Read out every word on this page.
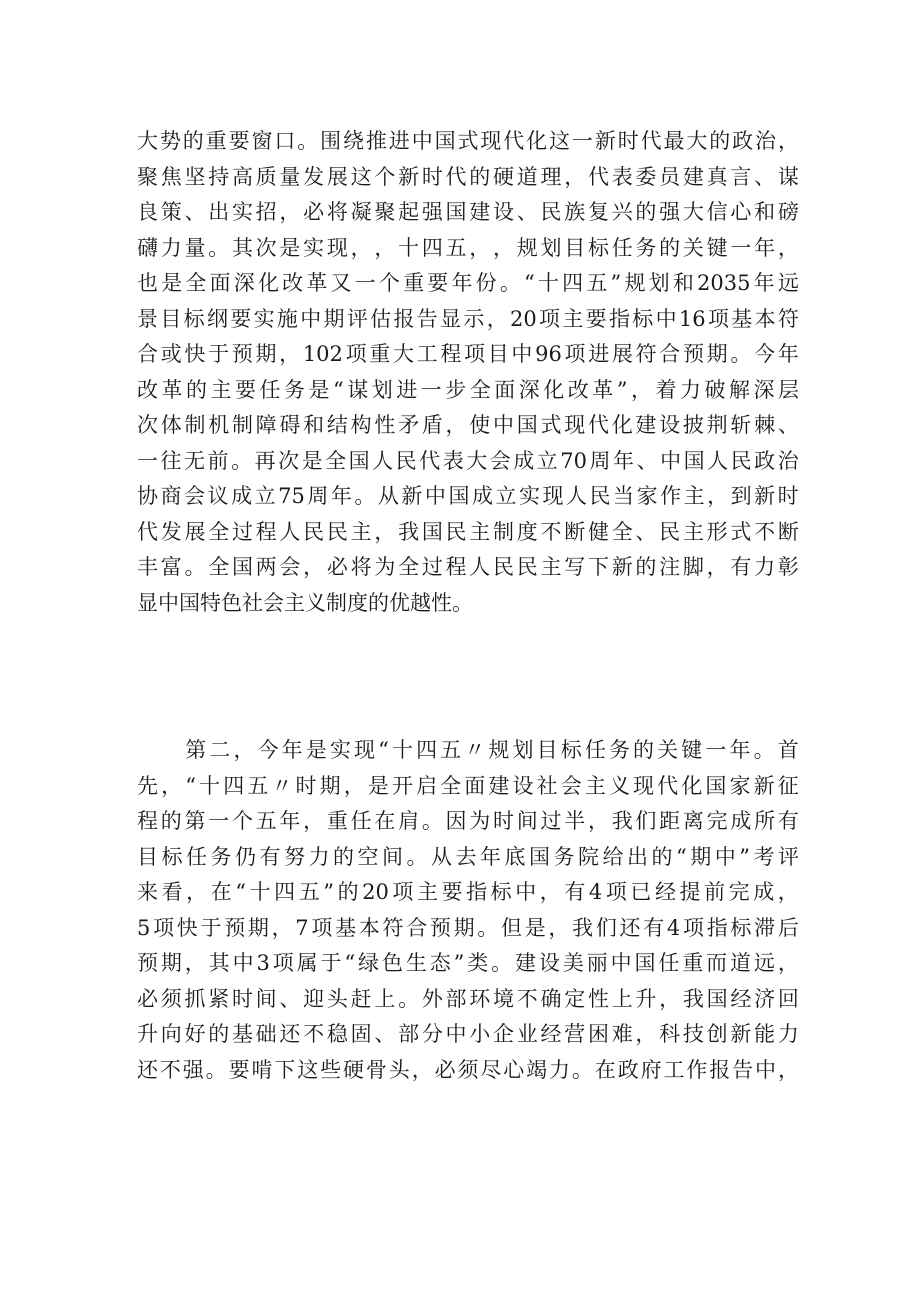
大 势 的 重 要 窗 口 。 围 绕 推 进 中 国 式 现 代 化 这 一 新 时 代 最 大 的 政 治 ，
聚 焦 坚 持 高 质 量 发 展 这 个 新 时 代 的 硬 道 理 ， 代 表 委 员 建 真 言 、 谋
良 策 、 出 实 招 ， 必 将 凝 聚 起 强 国 建 设 、 民 族 复 兴 的 强 大 信 心 和 磅
礴 力 量 。 其 次 是 实 现 ， ， 十 四 五 ， ， 规 划 目 标 任 务 的 关 键 一 年 ，
也 是 全 面 深 化 改 革 又 一 个 重 要 年 份 。 “ 十 四 五 ” 规 划 和 2035 年 远
景 目 标 纲 要 实 施 中 期 评 估 报 告 显 示 ， 20 项 主 要 指 标 中 16 项 基 本 符
合 或 快 于 预 期 ， 102 项 重 大 工 程 项 目 中 96 项 进 展 符 合 预 期 。 今 年
改 革 的 主 要 任 务 是 “ 谋 划 进 一 步 全 面 深 化 改 革 ” ， 着 力 破 解 深 层
次 体 制 机 制 障 碍 和 结 构 性 矛 盾 ， 使 中 国 式 现 代 化 建 设 披 荆 斩 棘 、
一 往 无 前 。 再 次 是 全 国 人 民 代 表 大 会 成 立 70 周 年 、 中 国 人 民 政 治
协 商 会 议 成 立 75 周 年 。 从 新 中 国 成 立 实 现 人 民 当 家 作 主 ， 到 新 时
代 发 展 全 过 程 人 民 民 主 ， 我 国 民 主 制 度 不 断 健 全 、 民 主 形 式 不 断
丰 富 。 全 国 两 会 ， 必 将 为 全 过 程 人 民 民 主 写 下 新 的 注 脚 ， 有 力 彰
显 中 国 特 色 社 会 主 义 制 度 的 优 越 性 。

第 二 ， 今 年 是 实 现 “ 十 四 五 〃 规 划 目 标 任 务 的 关 键 一 年 。 首
先 ， “ 十 四 五 〃 时 期 ， 是 开 启 全 面 建 设 社 会 主 义 现 代 化 国 家 新 征
程 的 第 一 个 五 年 ， 重 任 在 肩 。 因 为 时 间 过 半 ， 我 们 距 离 完 成 所 有
目 标 任 务 仍 有 努 力 的 空 间 。 从 去 年 底 国 务 院 给 出 的 “ 期 中 ” 考 评
来 看 ， 在 “ 十 四 五 ” 的 20 项 主 要 指 标 中 ， 有 4 项 已 经 提 前 完 成 ，
5 项 快 于 预 期 ， 7 项 基 本 符 合 预 期 。 但 是 ， 我 们 还 有 4 项 指 标 滞 后
预 期 ， 其 中 3 项 属 于 “ 绿 色 生 态 ” 类 。 建 设 美 丽 中 国 任 重 而 道 远 ，
必 须 抓 紧 时 间 、 迎 头 赶 上 。 外 部 环 境 不 确 定 性 上 升 ， 我 国 经 济 回
升 向 好 的 基 础 还 不 稳 固 、 部 分 中 小 企 业 经 营 困 难 ， 科 技 创 新 能 力
还 不 强 。 要 啃 下 这 些 硬 骨 头 ， 必 须 尽 心 竭 力 。 在 政 府 工 作 报 告 中 ，
